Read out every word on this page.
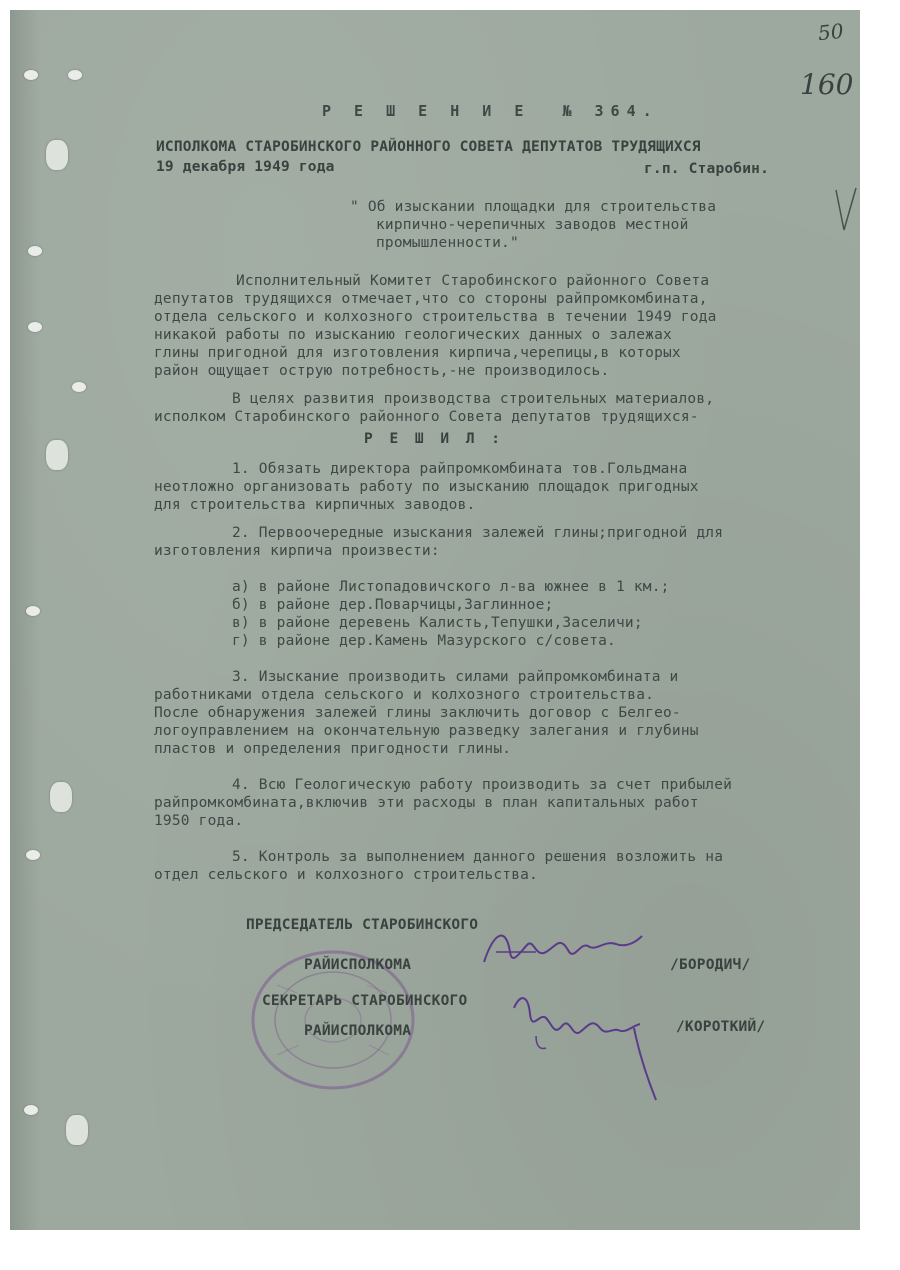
50
160
Р Е Ш Е Н И Е  № 364.
ИСПОЛКОМА СТАРОБИНСКОГО РАЙОННОГО СОВЕТА ДЕПУТАТОВ ТРУДЯЩИХСЯ
19 декабря 1949 года	г.п. Старобин.
" Об изыскании площадки для строительства
кирпично-черепичных заводов местной
промышленности."
Исполнительный Комитет Старобинского районного Совета
депутатов трудящихся отмечает,что со стороны райпромкомбината,
отдела сельского и колхозного строительства в течении 1949 года
никакой работы по изысканию геологических данных о залежах
глины пригодной для изготовления кирпича,черепицы,в которых
район ощущает острую потребность,-не производилось.
В целях развития производства строительных материалов,
исполком Старобинского районного Совета депутатов трудящихся-
Р Е Ш И Л :
1. Обязать директора райпромкомбината тов.Гольдмана
неотложно организовать работу по изысканию площадок пригодных
для строительства кирпичных заводов.
2. Первоочередные изыскания залежей глины;пригодной для
изготовления кирпича произвести:
а) в районе Листопадовичского л-ва южнее в 1 км.;
б) в районе дер.Поварчицы,Заглинное;
в) в районе деревень Калисть,Тепушки,Заселичи;
г) в районе дер.Камень Мазурского с/совета.
3. Изыскание производить силами райпромкомбината и
работниками отдела сельского и колхозного строительства.
После обнаружения залежей глины заключить договор с Белгео-
логоуправлением на окончательную разведку залегания и глубины
пластов и определения пригодности глины.
4. Всю Геологическую работу производить за счет прибылей
райпромкомбината,включив эти расходы в план капитальных работ
1950 года.
5. Контроль за выполнением данного решения возложить на
отдел сельского и колхозного строительства.
ПРЕДСЕДАТЕЛЬ СТАРОБИНСКОГО
РАЙИСПОЛКОМА	/БОРОДИЧ/
СЕКРЕТАРЬ СТАРОБИНСКОГО
РАЙИСПОЛКОМА	/КОРОТКИЙ/
